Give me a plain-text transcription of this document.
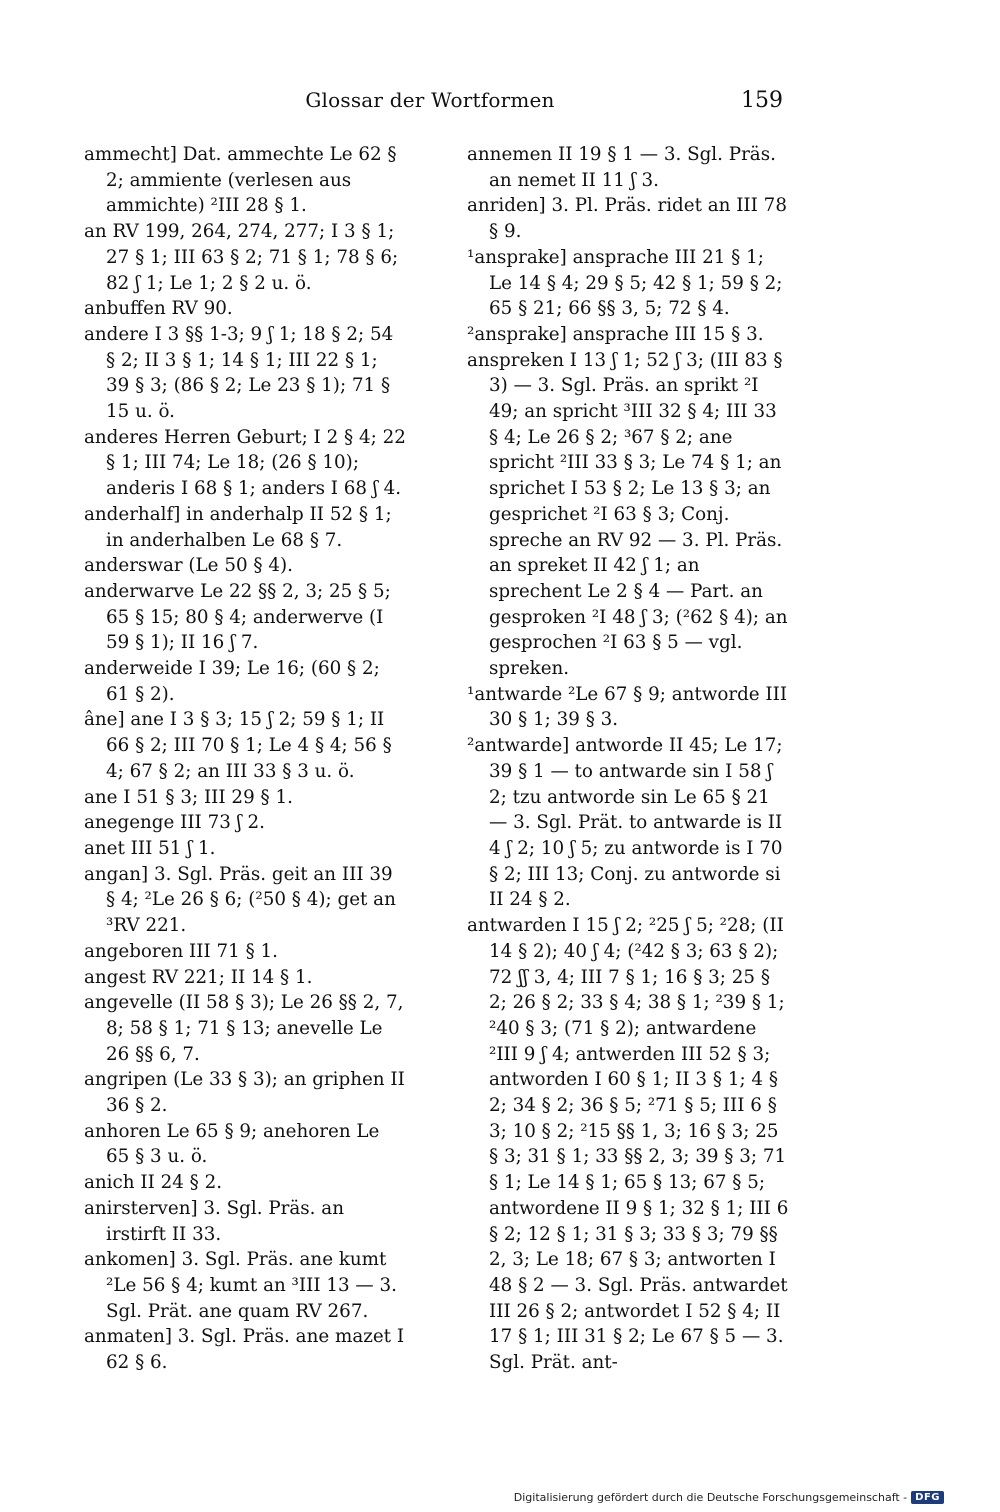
Glossar der Wortformen	159
ammecht] Dat. ammechte Le 62 § 2; ammiente (verlesen aus ammichte) ²III 28 § 1.
an RV 199, 264, 274, 277; I 3 § 1; 27 § 1; III 63 § 2; 71 § 1; 78 § 6; 82 ʃ 1; Le 1; 2 § 2 u. ö.
anbuffen RV 90.
andere I 3 §§ 1-3; 9 ʃ 1; 18 § 2; 54 § 2; II 3 § 1; 14 § 1; III 22 § 1; 39 § 3; (86 § 2; Le 23 § 1); 71 § 15 u. ö.
anderes Herren Geburt; I 2 § 4; 22 § 1; III 74; Le 18; (26 § 10); anderis I 68 § 1; anders I 68 ʃ 4.
anderhalf] in anderhalp II 52 § 1; in anderhalben Le 68 § 7.
anderswar (Le 50 § 4).
anderwarve Le 22 §§ 2, 3; 25 § 5; 65 § 15; 80 § 4; anderwerve (I 59 § 1); II 16 ʃ 7.
anderweide I 39; Le 16; (60 § 2; 61 § 2).
âne] ane I 3 § 3; 15 ʃ 2; 59 § 1; II 66 § 2; III 70 § 1; Le 4 § 4; 56 § 4; 67 § 2; an III 33 § 3 u. ö.
ane I 51 § 3; III 29 § 1.
anegenge III 73 ʃ 2.
anet III 51 ʃ 1.
angan] 3. Sgl. Präs. geit an III 39 § 4; ²Le 26 § 6; (²50 § 4); get an ³RV 221.
angeboren III 71 § 1.
angest RV 221; II 14 § 1.
angevelle (II 58 § 3); Le 26 §§ 2, 7, 8; 58 § 1; 71 § 13; anevelle Le 26 §§ 6, 7.
angripen (Le 33 § 3); an griphen II 36 § 2.
anhoren Le 65 § 9; anehoren Le 65 § 3 u. ö.
anich II 24 § 2.
anirsterven] 3. Sgl. Präs. an irstirft II 33.
ankomen] 3. Sgl. Präs. ane kumt ²Le 56 § 4; kumt an ³III 13 — 3. Sgl. Prät. ane quam RV 267.
anmaten] 3. Sgl. Präs. ane mazet I 62 § 6.
annemen II 19 § 1 — 3. Sgl. Präs. an nemet II 11 ʃ 3.
anriden] 3. Pl. Präs. ridet an III 78 § 9.
¹ansprake] ansprache III 21 § 1; Le 14 § 4; 29 § 5; 42 § 1; 59 § 2; 65 § 21; 66 §§ 3, 5; 72 § 4.
²ansprake] ansprache III 15 § 3.
anspreken I 13 ʃ 1; 52 ʃ 3; (III 83 § 3) — 3. Sgl. Präs. an sprikt ²I 49; an spricht ³III 32 § 4; III 33 § 4; Le 26 § 2; ³67 § 2; ane spricht ²III 33 § 3; Le 74 § 1; an sprichet I 53 § 2; Le 13 § 3; an gesprichet ²I 63 § 3; Conj. spreche an RV 92 — 3. Pl. Präs. an spreket II 42 ʃ 1; an sprechent Le 2 § 4 — Part. an gesproken ²I 48 ʃ 3; (²62 § 4); an gesprochen ²I 63 § 5 — vgl. spreken.
¹antwarde ²Le 67 § 9; antworde III 30 § 1; 39 § 3.
²antwarde] antworde II 45; Le 17; 39 § 1 — to antwarde sin I 58 ʃ 2; tzu antworde sin Le 65 § 21 — 3. Sgl. Prät. to antwarde is II 4 ʃ 2; 10 ʃ 5; zu antworde is I 70 § 2; III 13; Conj. zu antworde si II 24 § 2.
antwarden I 15 ʃ 2; ²25 ʃ 5; ²28; (II 14 § 2); 40 ʃ 4; (²42 § 3; 63 § 2); 72 ʃʃ 3, 4; III 7 § 1; 16 § 3; 25 § 2; 26 § 2; 33 § 4; 38 § 1; ²39 § 1; ²40 § 3; (71 § 2); antwardene ²III 9 ʃ 4; antwerden III 52 § 3; antworden I 60 § 1; II 3 § 1; 4 § 2; 34 § 2; 36 § 5; ²71 § 5; III 6 § 3; 10 § 2; ²15 §§ 1, 3; 16 § 3; 25 § 3; 31 § 1; 33 §§ 2, 3; 39 § 3; 71 § 1; Le 14 § 1; 65 § 13; 67 § 5; antwordene II 9 § 1; 32 § 1; III 6 § 2; 12 § 1; 31 § 3; 33 § 3; 79 §§ 2, 3; Le 18; 67 § 3; antworten I 48 § 2 — 3. Sgl. Präs. antwardet III 26 § 2; antwordet I 52 § 4; II 17 § 1; III 31 § 2; Le 67 § 5 — 3. Sgl. Prät. ant-
Digitalisierung gefördert durch die Deutsche Forschungsgemeinschaft - DFG
